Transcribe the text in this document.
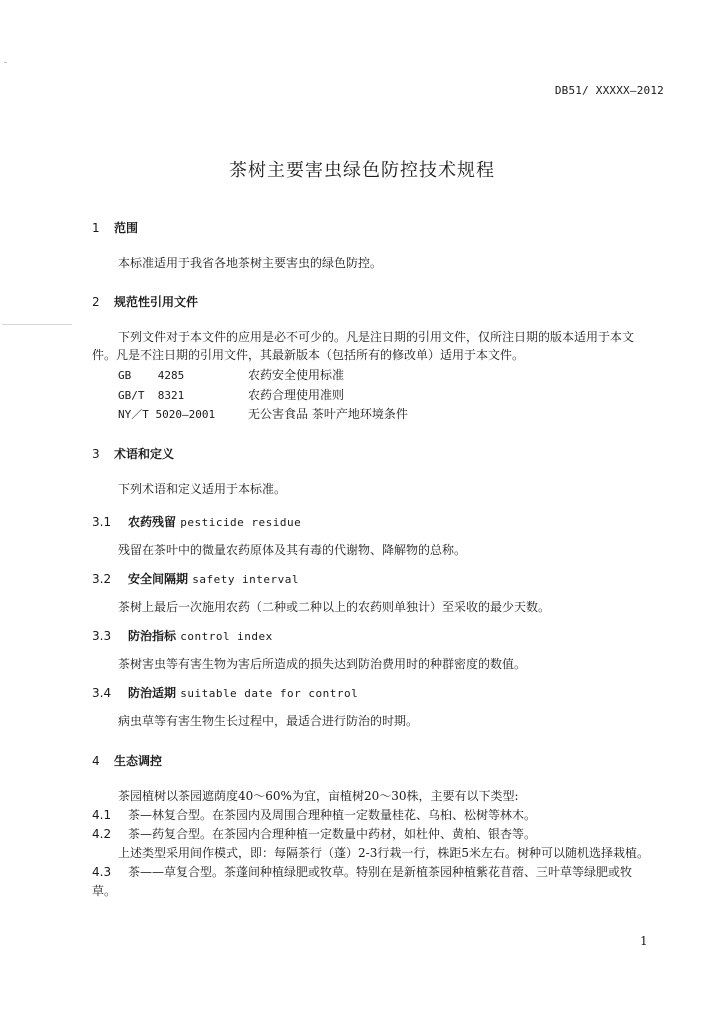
DB51/ XXXXX—2012
茶树主要害虫绿色防控技术规程
1 范围
本标准适用于我省各地茶树主要害虫的绿色防控。
2 规范性引用文件
下列文件对于本文件的应用是必不可少的。凡是注日期的引用文件，仅所注日期的版本适用于本文
件。凡是不注日期的引用文件，其最新版本（包括所有的修改单）适用于本文件。
GB    4285	农药安全使用标准
GB/T  8321	农药合理使用准则
NY／T 5020—2001	无公害食品 茶叶产地环境条件
3 术语和定义
下列术语和定义适用于本标准。
3.1 农药残留 pesticide residue
残留在茶叶中的微量农药原体及其有毒的代谢物、降解物的总称。
3.2 安全间隔期 safety interval
茶树上最后一次施用农药（二种或二种以上的农药则单独计）至采收的最少天数。
3.3 防治指标 control index
茶树害虫等有害生物为害后所造成的损失达到防治费用时的种群密度的数值。
3.4 防治适期 suitable date for control
病虫草等有害生物生长过程中，最适合进行防治的时期。
4 生态调控
茶园植树以茶园遮荫度40～60%为宜，亩植树20～30株，主要有以下类型:
4.1 茶—林复合型。在茶园内及周围合理种植一定数量桂花、乌桕、松树等林木。
4.2 茶—药复合型。在茶园内合理种植一定数量中药材，如杜仲、黄柏、银杏等。
上述类型采用间作模式，即：每隔茶行（蓬）2-3行栽一行，株距5米左右。树种可以随机选择栽植。
4.3 茶——草复合型。茶蓬间种植绿肥或牧草。特别在是新植茶园种植紫花苜蓿、三叶草等绿肥或牧
草。
1
